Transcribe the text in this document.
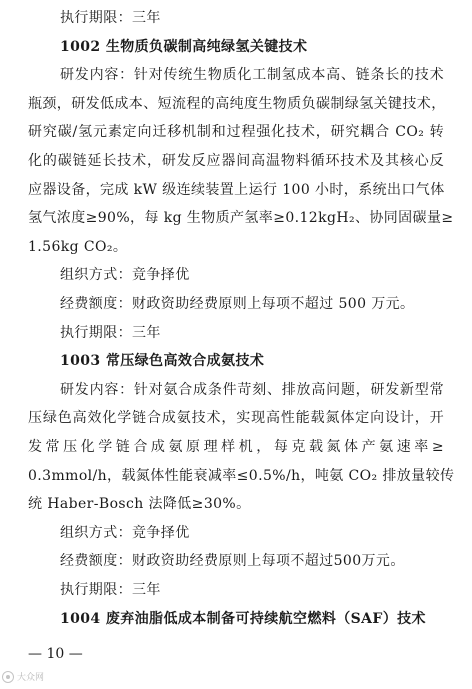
执行期限：三年
1002 生物质负碳制高纯绿氢关键技术
研发内容：针对传统生物质化工制氢成本高、链条长的技术
瓶颈，研发低成本、短流程的高纯度生物质负碳制绿氢关键技术，
研究碳/氢元素定向迁移机制和过程强化技术，研究耦合 CO₂ 转
化的碳链延长技术，研发反应器间高温物料循环技术及其核心反
应器设备，完成 kW 级连续装置上运行 100 小时，系统出口气体
氢气浓度≥90%，每 kg 生物质产氢率≥0.12kgH₂、协同固碳量≥
1.56kg CO₂。
组织方式：竞争择优
经费额度：财政资助经费原则上每项不超过 500 万元。
执行期限：三年
1003 常压绿色高效合成氨技术
研发内容：针对氨合成条件苛刻、排放高问题，研发新型常
压绿色高效化学链合成氨技术，实现高性能载氮体定向设计，开
发常压化学链合成氨原理样机，每克载氮体产氨速率≥
0.3mmol/h，载氮体性能衰减率≤0.5%/h，吨氨 CO₂ 排放量较传
统 Haber-Bosch 法降低≥30%。
组织方式：竞争择优
经费额度：财政资助经费原则上每项不超过500万元。
执行期限：三年
1004 废弃油脂低成本制备可持续航空燃料（SAF）技术
— 10 —
大众网
